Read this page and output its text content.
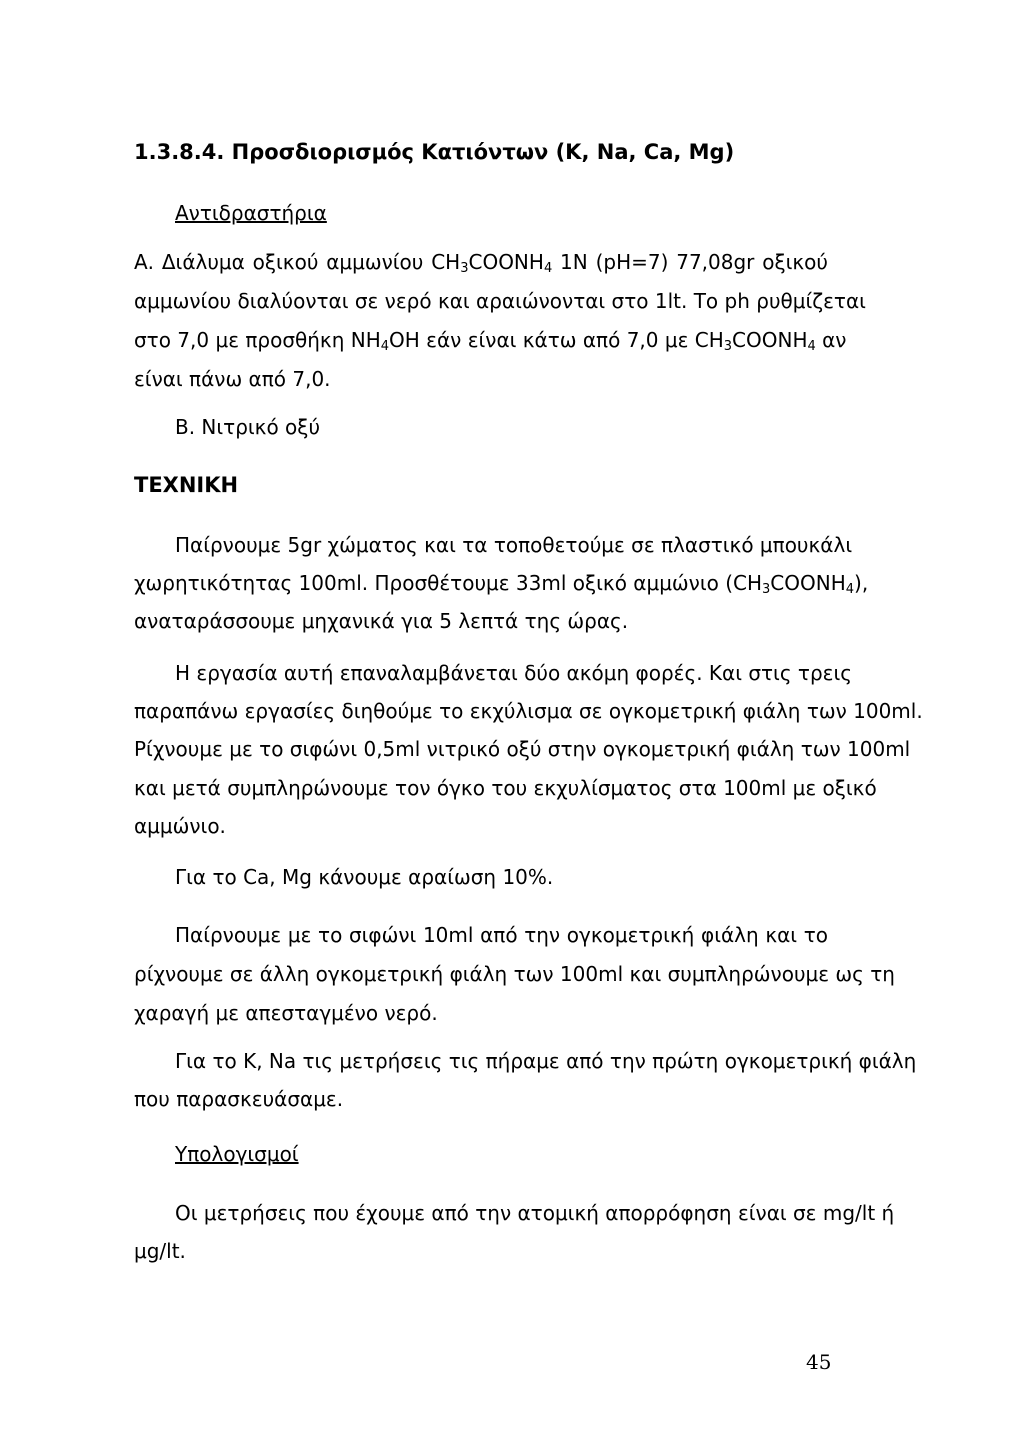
1.3.8.4. Προσδιορισμός Κατιόντων (K, Na, Ca, Mg)
Αντιδραστήρια
Α. Διάλυμα οξικού αμμωνίου $CH_3COONH_4$ 1N (pH=7) 77,08gr οξικού
αμμωνίου διαλύονται σε νερό και αραιώνονται στο 1lt. Το ph ρυθμίζεται
στο 7,0 με προσθήκη $NH_4OH$ εάν είναι κάτω από 7,0 με $CH_3COONH_4$ αν
είναι πάνω από 7,0.
Β. Νιτρικό οξύ
ΤΕΧΝΙΚΗ
Παίρνουμε 5gr χώματος και τα τοποθετούμε σε πλαστικό μπουκάλι
χωρητικότητας 100ml. Προσθέτουμε 33ml οξικό αμμώνιο $(CH_3COONH_4)$,
αναταράσσουμε μηχανικά για 5 λεπτά της ώρας.
Η εργασία αυτή επαναλαμβάνεται δύο ακόμη φορές. Και στις τρεις
παραπάνω εργασίες διηθούμε το εκχύλισμα σε ογκομετρική φιάλη των 100ml.
Ρίχνουμε με το σιφώνι 0,5ml νιτρικό οξύ στην ογκομετρική φιάλη των 100ml
και μετά συμπληρώνουμε τον όγκο του εκχυλίσματος στα 100ml με οξικό
αμμώνιο.
Για το Ca, Mg κάνουμε αραίωση 10%.
Παίρνουμε με το σιφώνι 10ml από την ογκομετρική φιάλη και το
ρίχνουμε σε άλλη ογκομετρική φιάλη των 100ml και συμπληρώνουμε ως τη
χαραγή με απεσταγμένο νερό.
Για το K, Na τις μετρήσεις τις πήραμε από την πρώτη ογκομετρική φιάλη
που παρασκευάσαμε.
Υπολογισμοί
Οι μετρήσεις που έχουμε από την ατομική απορρόφηση είναι σε mg/lt ή
μg/lt.
45
